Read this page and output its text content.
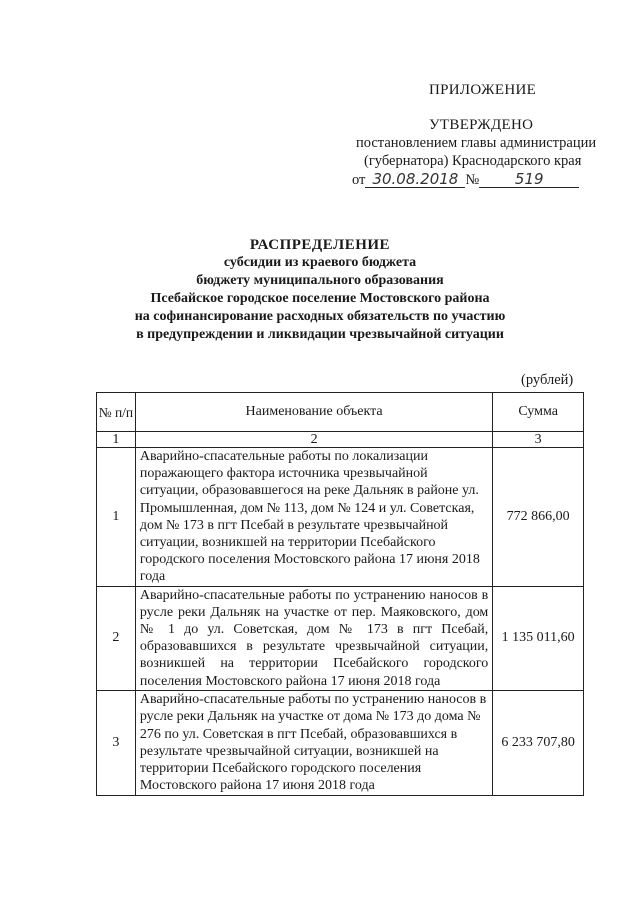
ПРИЛОЖЕНИЕ
УТВЕРЖДЕНО
постановлением главы администрации
(губернатора) Краснодарского края
от 30.08.2018 № 519
РАСПРЕДЕЛЕНИЕ
субсидии из краевого бюджета
бюджету муниципального образования
Псебайское городское поселение Мостовского района
на софинансирование расходных обязательств по участию
в предупреждении и ликвидации чрезвычайной ситуации
(рублей)
№ п/п	Наименование объекта	Сумма
1	2	3
1	Аварийно-спасательные работы по локализации поражающего фактора источника чрезвычайной ситуации, образовавшегося на реке Дальняк в районе ул. Промышленная, дом № 113, дом № 124 и ул. Советская, дом № 173 в пгт Псебай в результате чрезвычайной ситуации, возникшей на территории Псебайского городского поселения Мостовского района 17 июня 2018 года	772 866,00
2	Аварийно-спасательные работы по устранению наносов в русле реки Дальняк на участке от пер. Маяковского, дом № 1 до ул. Советская, дом № 173 в пгт Псебай, образовавшихся в результате чрезвычайной ситуации, возникшей на территории Псебайского городского поселения Мостовского района 17 июня 2018 года	1 135 011,60
3	Аварийно-спасательные работы по устранению наносов в русле реки Дальняк на участке от дома № 173 до дома № 276 по ул. Советская в пгт Псебай, образовавшихся в результате чрезвычайной ситуации, возникшей на территории Псебайского городского поселения Мостовского района 17 июня 2018 года	6 233 707,80
